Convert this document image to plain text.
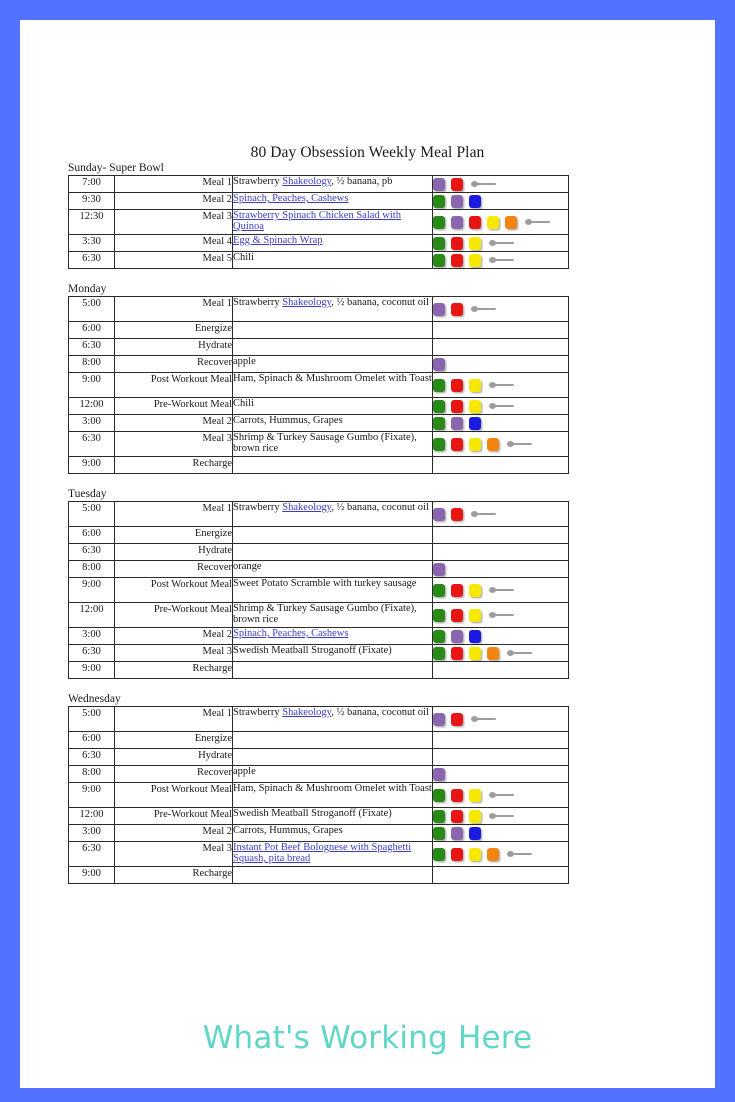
80 Day Obsession Weekly Meal Plan
Sunday- Super Bowl
7:00	Meal 1	Strawberry Shakeology, ½ banana, pb	

9:30	Meal 2	Spinach, Peaches, Cashews	

12:30	Meal 3	Strawberry Spinach Chicken Salad with Quinoa	

3:30	Meal 4	Egg & Spinach Wrap	

6:30	Meal 5	Chili	
Monday
5:00	Meal 1	Strawberry Shakeology, ½ banana, coconut oil	

6:00	Energize		

6:30	Hydrate		

8:00	Recover	apple	

9:00	Post Workout Meal	Ham, Spinach & Mushroom Omelet with Toast	

12:00	Pre-Workout Meal	Chili	

3:00	Meal 2	Carrots, Hummus, Grapes	

6:30	Meal 3	Shrimp & Turkey Sausage Gumbo (Fixate), brown rice	

9:00	Recharge		
Tuesday
5:00	Meal 1	Strawberry Shakeology, ½ banana, coconut oil	

6:00	Energize		

6:30	Hydrate		

8:00	Recover	orange	

9:00	Post Workout Meal	Sweet Potato Scramble with turkey sausage	

12:00	Pre-Workout Meal	Shrimp & Turkey Sausage Gumbo (Fixate), brown rice	

3:00	Meal 2	Spinach, Peaches, Cashews	

6:30	Meal 3	Swedish Meatball Stroganoff (Fixate)	

9:00	Recharge		
Wednesday
5:00	Meal 1	Strawberry Shakeology, ½ banana, coconut oil	

6:00	Energize		

6:30	Hydrate		

8:00	Recover	apple	

9:00	Post Workout Meal	Ham, Spinach & Mushroom Omelet with Toast	

12:00	Pre-Workout Meal	Swedish Meatball Stroganoff (Fixate)	

3:00	Meal 2	Carrots, Hummus, Grapes	

6:30	Meal 3	Instant Pot Beef Bolognese with Spaghetti Squash, pita bread	

9:00	Recharge		
What's Working Here
